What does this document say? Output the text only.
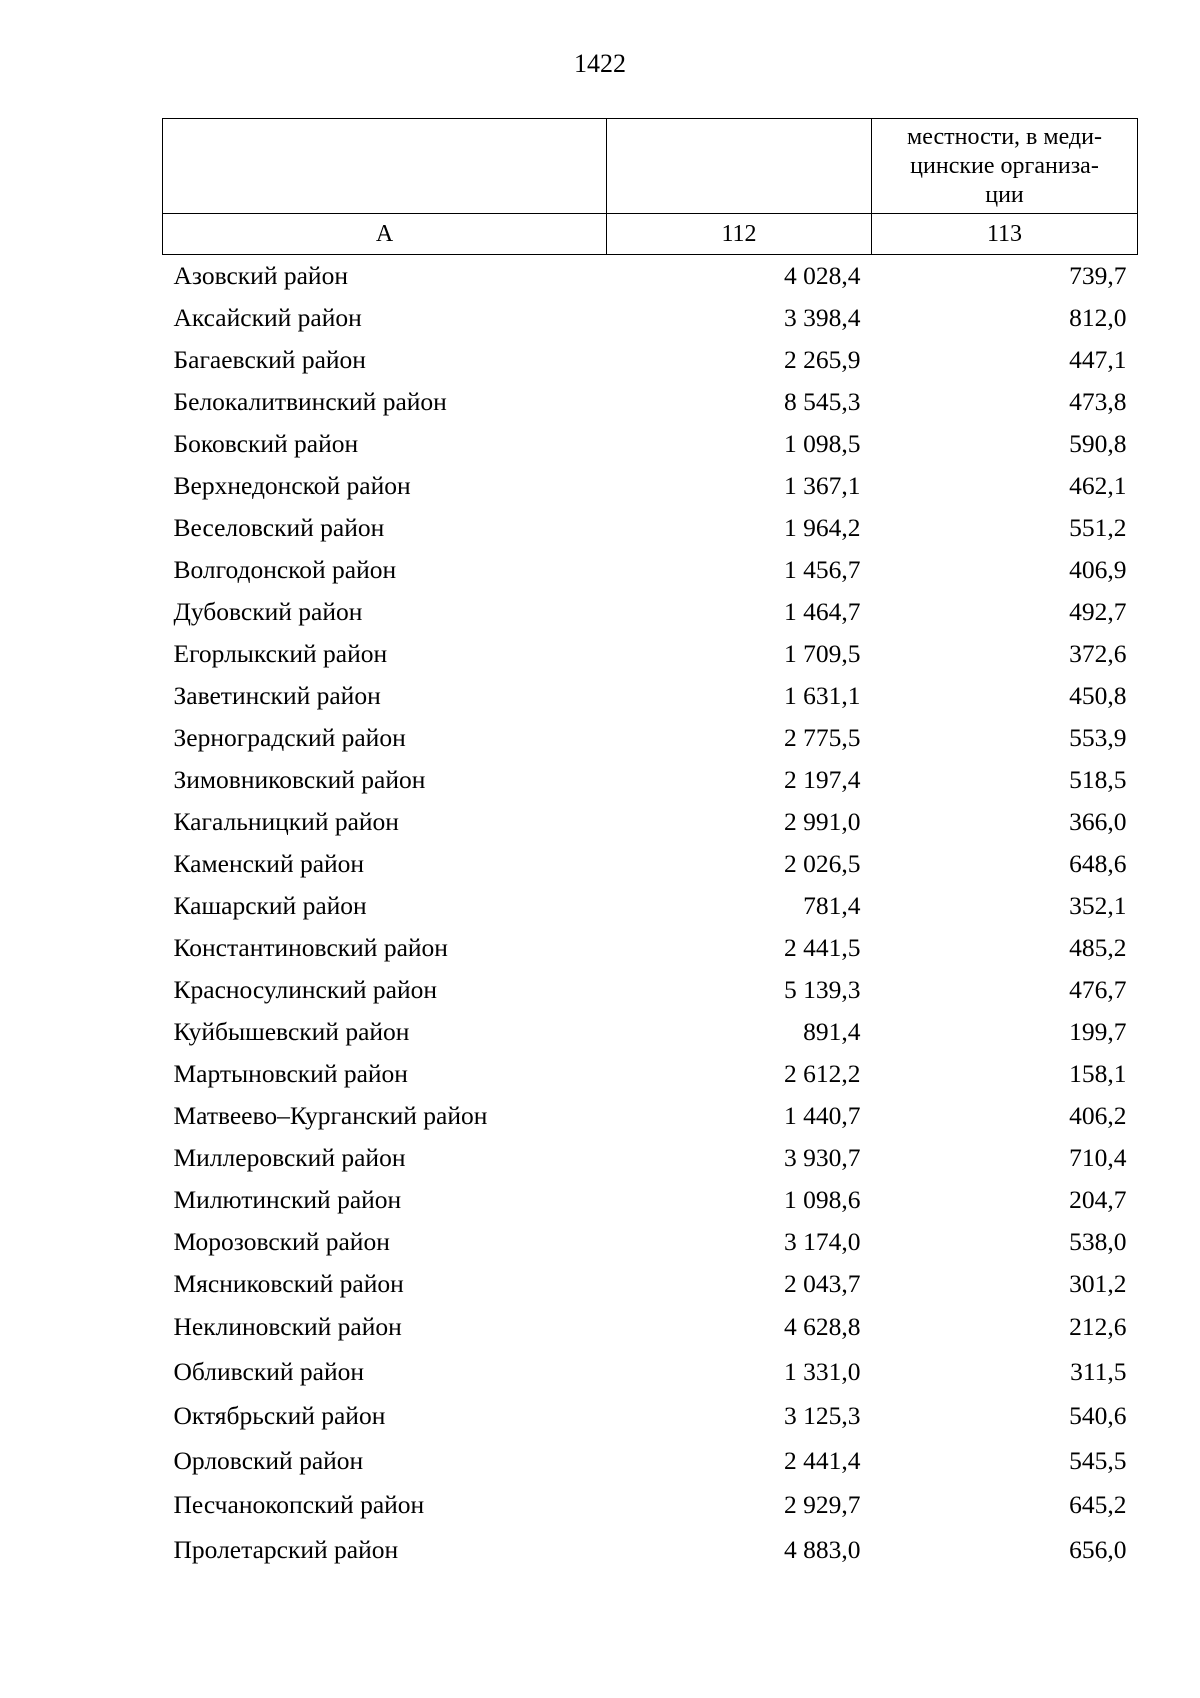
1422

		местности, в меди-
цинские организа-
ции

А	112	113
Азовский район	4 028,4	739,7
Аксайский район	3 398,4	812,0
Багаевский район	2 265,9	447,1
Белокалитвинский район	8 545,3	473,8
Боковский район	1 098,5	590,8
Верхнедонской район	1 367,1	462,1
Веселовский район	1 964,2	551,2
Волгодонской район	1 456,7	406,9
Дубовский район	1 464,7	492,7
Егорлыкский район	1 709,5	372,6
Заветинский район	1 631,1	450,8
Зерноградский район	2 775,5	553,9
Зимовниковский район	2 197,4	518,5
Кагальницкий район	2 991,0	366,0
Каменский район	2 026,5	648,6
Кашарский район	781,4	352,1
Константиновский район	2 441,5	485,2
Красносулинский район	5 139,3	476,7
Куйбышевский район	891,4	199,7
Мартыновский район	2 612,2	158,1
Матвеево–Курганский район	1 440,7	406,2
Миллеровский район	3 930,7	710,4
Милютинский район	1 098,6	204,7
Морозовский район	3 174,0	538,0
Мясниковский район	2 043,7	301,2
Неклиновский район	4 628,8	212,6
Обливский район	1 331,0	311,5
Октябрьский район	3 125,3	540,6
Орловский район	2 441,4	545,5
Песчанокопский район	2 929,7	645,2
Пролетарский район	4 883,0	656,0
